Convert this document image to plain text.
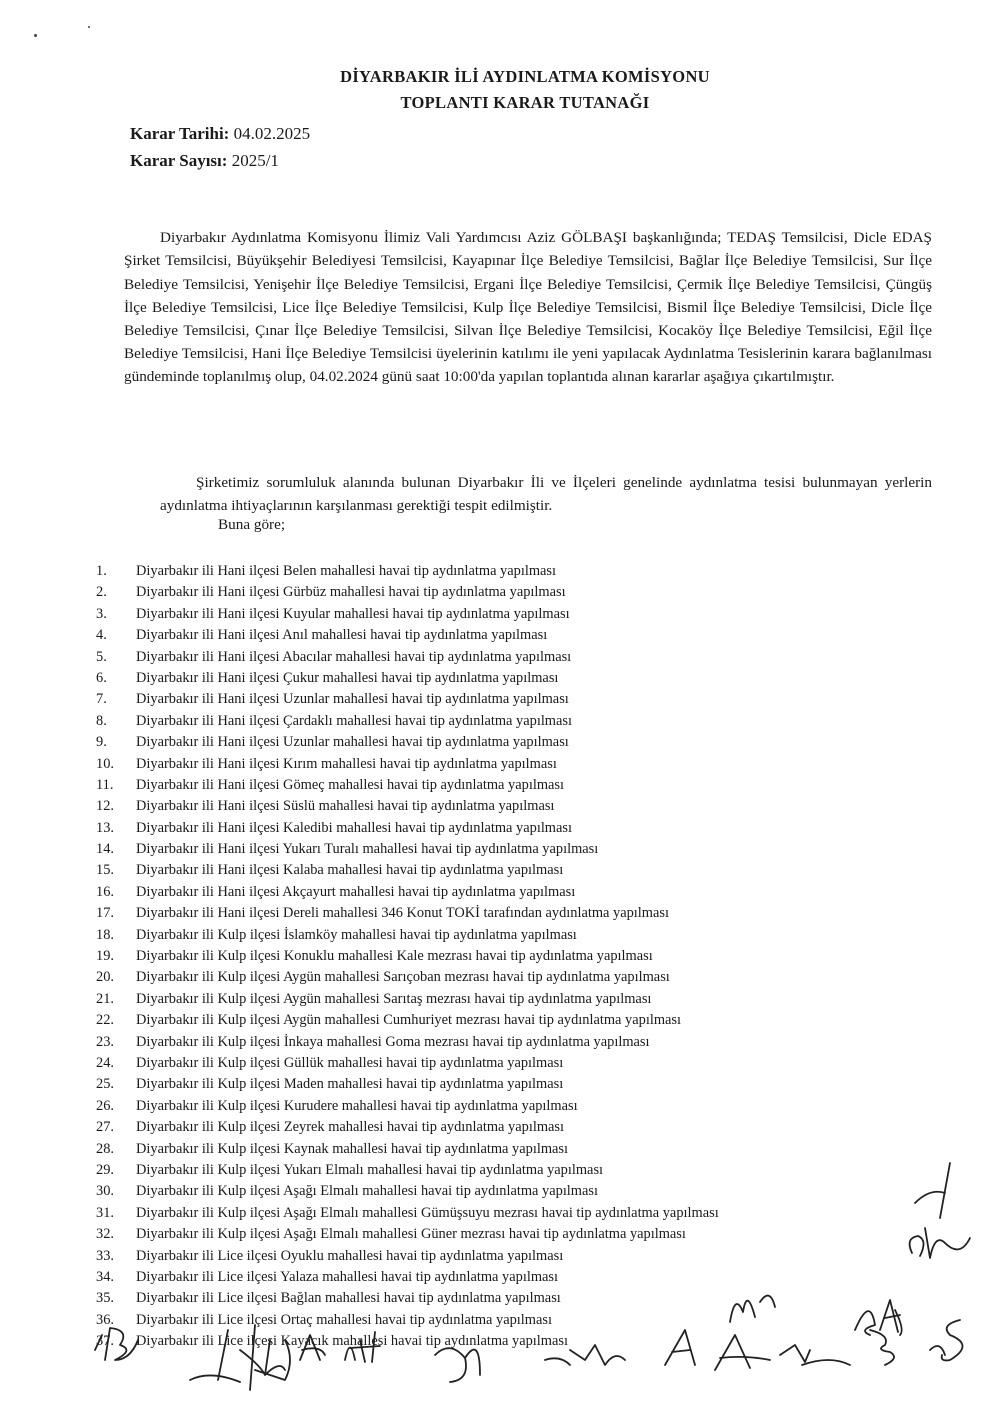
DİYARBAKIR İLİ AYDINLATMA KOMİSYONU
TOPLANTI KARAR TUTANAĞI
Karar Tarihi: 04.02.2025
Karar Sayısı: 2025/1

Diyarbakır Aydınlatma Komisyonu İlimiz Vali Yardımcısı Aziz GÖLBAŞI başkanlığında; TEDAŞ Temsilcisi, Dicle EDAŞ Şirket Temsilcisi, Büyükşehir Belediyesi Temsilcisi, Kayapınar İlçe Belediye Temsilcisi, Bağlar İlçe Belediye Temsilcisi, Sur İlçe Belediye Temsilcisi, Yenişehir İlçe Belediye Temsilcisi, Ergani İlçe Belediye Temsilcisi, Çermik İlçe Belediye Temsilcisi, Çüngüş İlçe Belediye Temsilcisi, Lice İlçe Belediye Temsilcisi, Kulp İlçe Belediye Temsilcisi, Bismil İlçe Belediye Temsilcisi, Dicle İlçe Belediye Temsilcisi, Çınar İlçe Belediye Temsilcisi, Silvan İlçe Belediye Temsilcisi, Kocaköy İlçe Belediye Temsilcisi, Eğil İlçe Belediye Temsilcisi, Hani İlçe Belediye Temsilcisi üyelerinin katılımı ile yeni yapılacak Aydınlatma Tesislerinin karara bağlanılması gündeminde toplanılmış olup, 04.02.2024 günü saat 10:00'da yapılan toplantıda alınan kararlar aşağıya çıkartılmıştır.

Şirketimiz sorumluluk alanında bulunan Diyarbakır İli ve İlçeleri genelinde aydınlatma tesisi bulunmayan yerlerin aydınlatma ihtiyaçlarının karşılanması gerektiği tespit edilmiştir.

Buna göre;
1.	Diyarbakır ili Hani ilçesi Belen mahallesi havai tip aydınlatma yapılması
2.	Diyarbakır ili Hani ilçesi Gürbüz mahallesi havai tip aydınlatma yapılması
3.	Diyarbakır ili Hani ilçesi Kuyular mahallesi havai tip aydınlatma yapılması
4.	Diyarbakır ili Hani ilçesi Anıl mahallesi havai tip aydınlatma yapılması
5.	Diyarbakır ili Hani ilçesi Abacılar mahallesi havai tip aydınlatma yapılması
6.	Diyarbakır ili Hani ilçesi Çukur mahallesi havai tip aydınlatma yapılması
7.	Diyarbakır ili Hani ilçesi Uzunlar mahallesi havai tip aydınlatma yapılması
8.	Diyarbakır ili Hani ilçesi Çardaklı mahallesi havai tip aydınlatma yapılması
9.	Diyarbakır ili Hani ilçesi Uzunlar mahallesi havai tip aydınlatma yapılması
10.	Diyarbakır ili Hani ilçesi Kırım mahallesi havai tip aydınlatma yapılması
11.	Diyarbakır ili Hani ilçesi Gömeç mahallesi havai tip aydınlatma yapılması
12.	Diyarbakır ili Hani ilçesi Süslü mahallesi havai tip aydınlatma yapılması
13.	Diyarbakır ili Hani ilçesi Kaledibi mahallesi havai tip aydınlatma yapılması
14.	Diyarbakır ili Hani ilçesi Yukarı Turalı mahallesi havai tip aydınlatma yapılması
15.	Diyarbakır ili Hani ilçesi Kalaba mahallesi havai tip aydınlatma yapılması
16.	Diyarbakır ili Hani ilçesi Akçayurt mahallesi havai tip aydınlatma yapılması
17.	Diyarbakır ili Hani ilçesi Dereli mahallesi 346 Konut TOKİ tarafından aydınlatma yapılması
18.	Diyarbakır ili Kulp ilçesi İslamköy mahallesi havai tip aydınlatma yapılması
19.	Diyarbakır ili Kulp ilçesi Konuklu mahallesi Kale mezrası havai tip aydınlatma yapılması
20.	Diyarbakır ili Kulp ilçesi Aygün mahallesi Sarıçoban mezrası havai tip aydınlatma yapılması
21.	Diyarbakır ili Kulp ilçesi Aygün mahallesi Sarıtaş mezrası havai tip aydınlatma yapılması
22.	Diyarbakır ili Kulp ilçesi Aygün mahallesi Cumhuriyet mezrası havai tip aydınlatma yapılması
23.	Diyarbakır ili Kulp ilçesi İnkaya mahallesi Goma mezrası havai tip aydınlatma yapılması
24.	Diyarbakır ili Kulp ilçesi Güllük mahallesi havai tip aydınlatma yapılması
25.	Diyarbakır ili Kulp ilçesi Maden mahallesi havai tip aydınlatma yapılması
26.	Diyarbakır ili Kulp ilçesi Kurudere mahallesi havai tip aydınlatma yapılması
27.	Diyarbakır ili Kulp ilçesi Zeyrek mahallesi havai tip aydınlatma yapılması
28.	Diyarbakır ili Kulp ilçesi Kaynak mahallesi havai tip aydınlatma yapılması
29.	Diyarbakır ili Kulp ilçesi Yukarı Elmalı mahallesi havai tip aydınlatma yapılması
30.	Diyarbakır ili Kulp ilçesi Aşağı Elmalı mahallesi havai tip aydınlatma yapılması
31.	Diyarbakır ili Kulp ilçesi Aşağı Elmalı mahallesi Gümüşsuyu mezrası havai tip aydınlatma yapılması
32.	Diyarbakır ili Kulp ilçesi Aşağı Elmalı mahallesi Güner mezrası havai tip aydınlatma yapılması
33.	Diyarbakır ili Lice ilçesi Oyuklu mahallesi havai tip aydınlatma yapılması
34.	Diyarbakır ili Lice ilçesi Yalaza mahallesi havai tip aydınlatma yapılması
35.	Diyarbakır ili Lice ilçesi Bağlan mahallesi havai tip aydınlatma yapılması
36.	Diyarbakır ili Lice ilçesi Ortaç mahallesi havai tip aydınlatma yapılması
37.	Diyarbakır ili Lice ilçesi Kayacık mahallesi havai tip aydınlatma yapılması
